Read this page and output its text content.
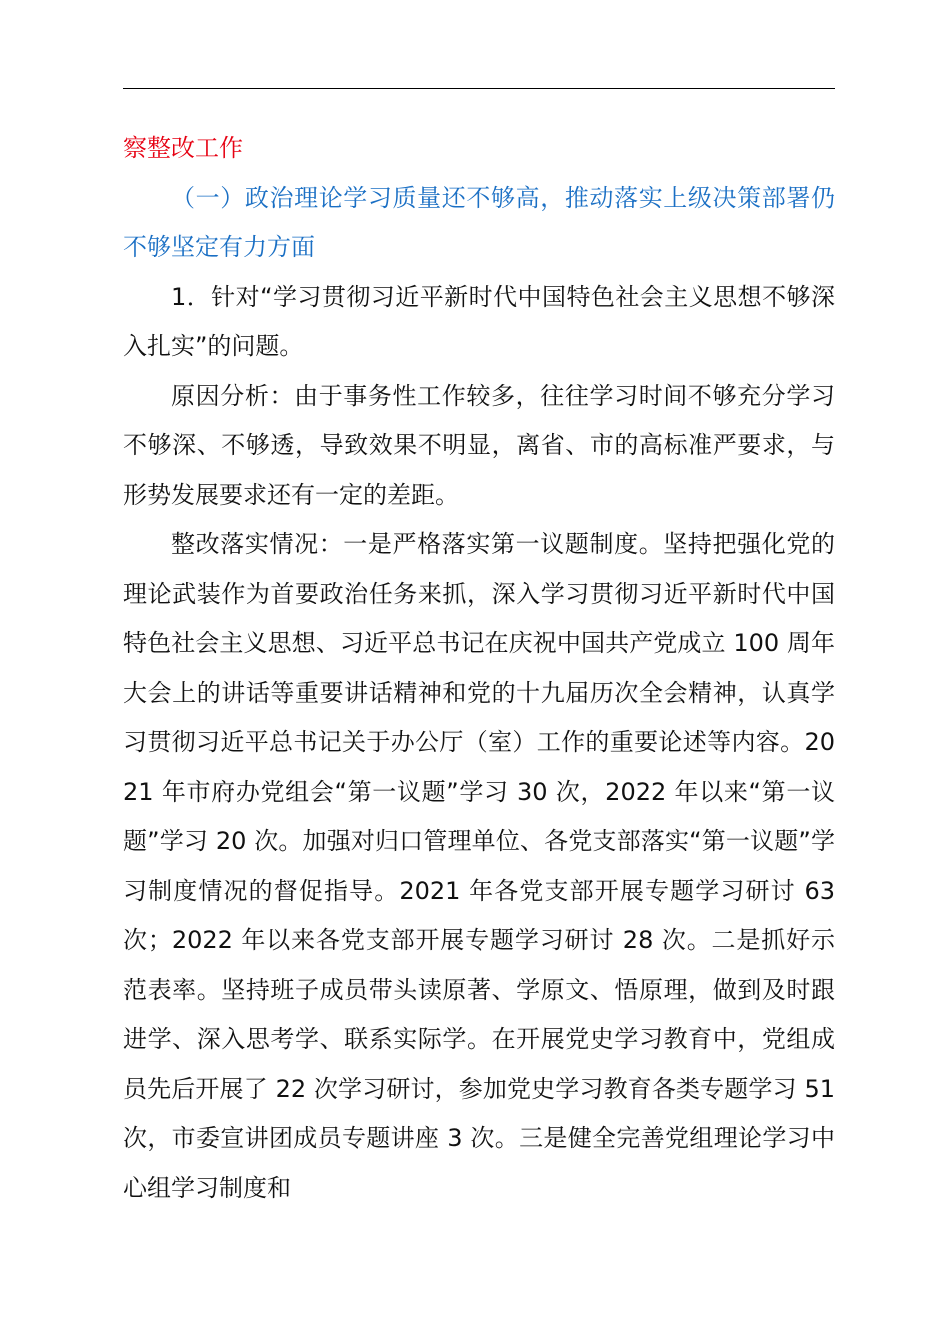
察整改工作

（一）政治理论学习质量还不够高，推动落实上级决策部署仍不够坚定有力方面

1．针对“学习贯彻习近平新时代中国特色社会主义思想不够深入扎实”的问题。

原因分析：由于事务性工作较多，往往学习时间不够充分学习不够深、不够透，导致效果不明显，离省、市的高标准严要求，与形势发展要求还有一定的差距。

整改落实情况：一是严格落实第一议题制度。坚持把强化党的理论武装作为首要政治任务来抓，深入学习贯彻习近平新时代中国特色社会主义思想、习近平总书记在庆祝中国共产党成立 100 周年大会上的讲话等重要讲话精神和党的十九届历次全会精神，认真学习贯彻习近平总书记关于办公厅（室）工作的重要论述等内容。2021 年市府办党组会“第一议题”学习 30 次，2022 年以来“第一议题”学习 20 次。加强对归口管理单位、各党支部落实“第一议题”学习制度情况的督促指导。2021 年各党支部开展专题学习研讨 63 次；2022 年以来各党支部开展专题学习研讨 28 次。二是抓好示范表率。坚持班子成员带头读原著、学原文、悟原理，做到及时跟进学、深入思考学、联系实际学。在开展党史学习教育中，党组成员先后开展了 22 次学习研讨，参加党史学习教育各类专题学习 51 次，市委宣讲团成员专题讲座 3 次。三是健全完善党组理论学习中心组学习制度和
